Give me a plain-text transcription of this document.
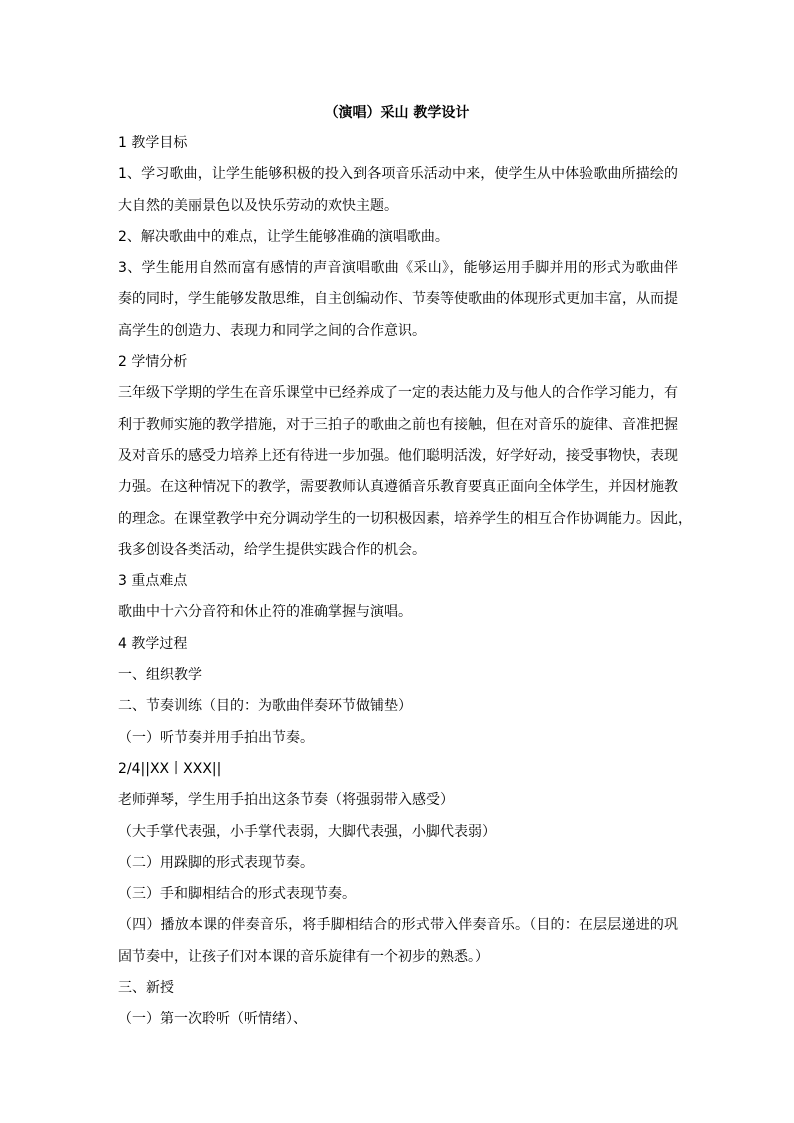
（演唱）采山 教学设计
1 教学目标
1、学习歌曲，让学生能够积极的投入到各项音乐活动中来，使学生从中体验歌曲所描绘的
大自然的美丽景色以及快乐劳动的欢快主题。
2、解决歌曲中的难点，让学生能够准确的演唱歌曲。
3、学生能用自然而富有感情的声音演唱歌曲《采山》，能够运用手脚并用的形式为歌曲伴
奏的同时，学生能够发散思维，自主创编动作、节奏等使歌曲的体现形式更加丰富，从而提
高学生的创造力、表现力和同学之间的合作意识。
2 学情分析
三年级下学期的学生在音乐课堂中已经养成了一定的表达能力及与他人的合作学习能力，有
利于教师实施的教学措施，对于三拍子的歌曲之前也有接触，但在对音乐的旋律、音准把握
及对音乐的感受力培养上还有待进一步加强。他们聪明活泼，好学好动，接受事物快，表现
力强。在这种情况下的教学，需要教师认真遵循音乐教育要真正面向全体学生，并因材施教
的理念。在课堂教学中充分调动学生的一切积极因素，培养学生的相互合作协调能力。因此，
我多创设各类活动，给学生提供实践合作的机会。
3 重点难点
歌曲中十六分音符和休止符的准确掌握与演唱。
4 教学过程
一、组织教学
二、节奏训练（目的：为歌曲伴奏环节做铺垫）
（一）听节奏并用手拍出节奏。
2/4||XX丨XXX||
老师弹琴，学生用手拍出这条节奏（将强弱带入感受）
（大手掌代表强，小手掌代表弱，大脚代表强，小脚代表弱）
（二）用跺脚的形式表现节奏。
（三）手和脚相结合的形式表现节奏。
（四）播放本课的伴奏音乐，将手脚相结合的形式带入伴奏音乐。（目的：在层层递进的巩
固节奏中，让孩子们对本课的音乐旋律有一个初步的熟悉。）
三、新授
（一）第一次聆听（听情绪）、
